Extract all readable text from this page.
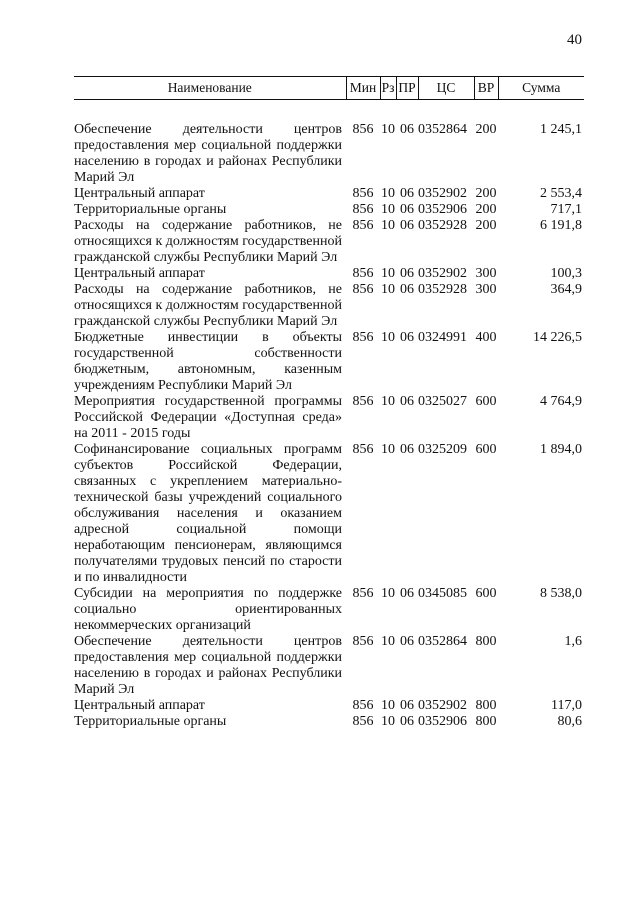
40
Наименование	Мин	Рз	ПР	ЦС	ВР	Сумма

Обеспечение деятельности центров предоставления мер социальной поддержки населению в городах и районах Республики Марий Эл	856	10	06	0352864	200	1 245,1
Центральный аппарат	856	10	06	0352902	200	2 553,4
Территориальные органы	856	10	06	0352906	200	717,1
Расходы на содержание работников, не относящихся к должностям государственной гражданской службы Республики Марий Эл	856	10	06	0352928	200	6 191,8
Центральный аппарат	856	10	06	0352902	300	100,3
Расходы на содержание работников, не относящихся к должностям государственной гражданской службы Республики Марий Эл	856	10	06	0352928	300	364,9
Бюджетные инвестиции в объекты государственной собственности бюджетным, автономным, казенным учреждениям Республики Марий Эл	856	10	06	0324991	400	14 226,5
Мероприятия государственной программы Российской Федерации «Доступная среда» на 2011 - 2015 годы	856	10	06	0325027	600	4 764,9
Софинансирование социальных программ субъектов Российской Федерации, связанных с укреплением материально-технической базы учреждений социального обслуживания населения и оказанием адресной социальной помощи неработающим пенсионерам, являющимся получателями трудовых пенсий по старости и по инвалидности	856	10	06	0325209	600	1 894,0
Субсидии на мероприятия по поддержке социально ориентированных некоммерческих организаций	856	10	06	0345085	600	8 538,0
Обеспечение деятельности центров предоставления мер социальной поддержки населению в городах и районах Республики Марий Эл	856	10	06	0352864	800	1,6
Центральный аппарат	856	10	06	0352902	800	117,0
Территориальные органы	856	10	06	0352906	800	80,6
